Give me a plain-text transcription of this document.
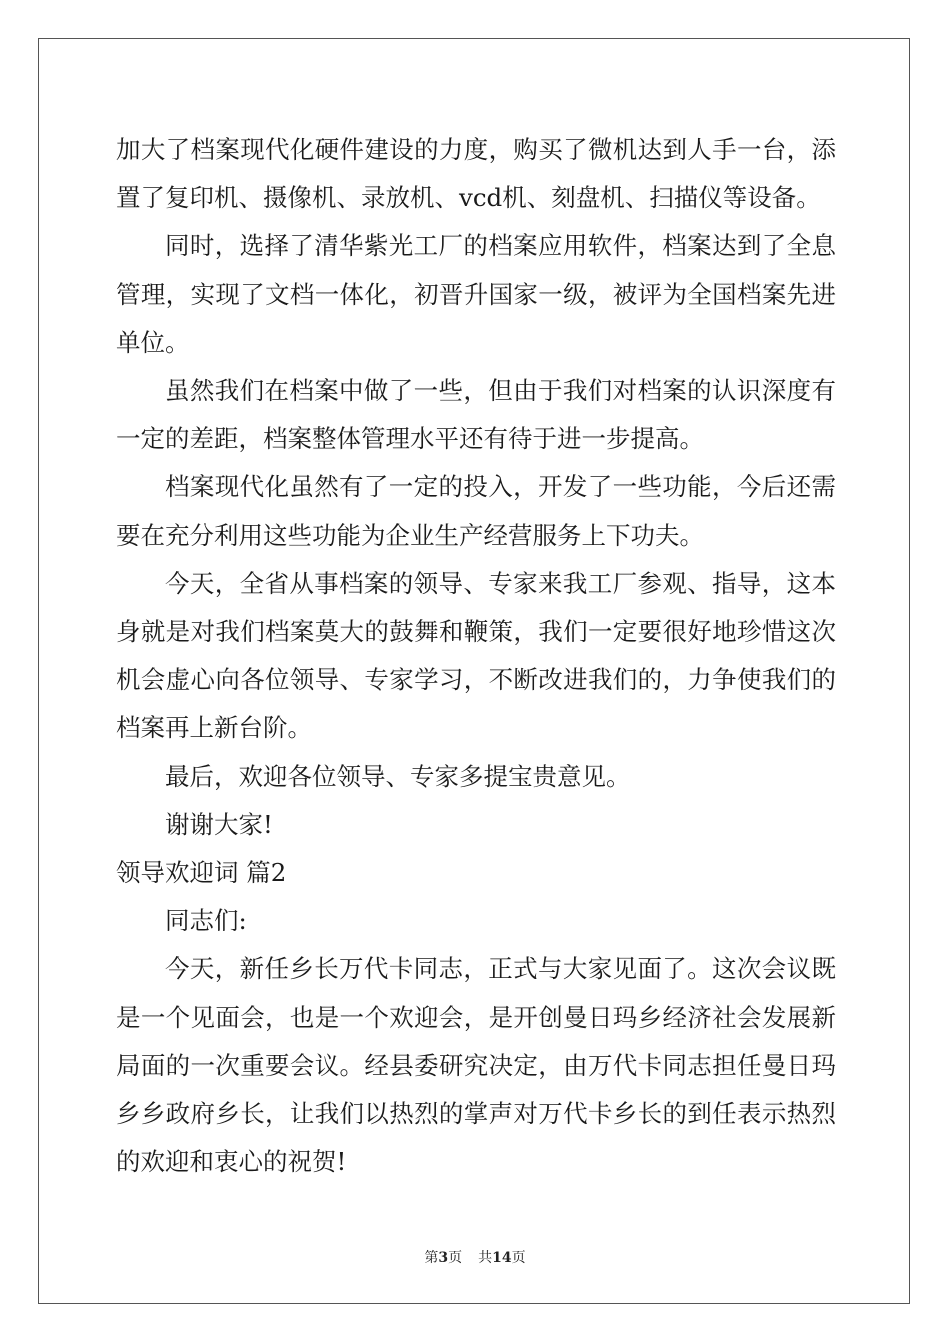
加大了档案现代化硬件建设的力度，购买了微机达到人手一台，添置了复印机、摄像机、录放机、vcd机、刻盘机、扫描仪等设备。

同时，选择了清华紫光工厂的档案应用软件，档案达到了全息管理，实现了文档一体化，初晋升国家一级，被评为全国档案先进单位。

虽然我们在档案中做了一些，但由于我们对档案的认识深度有一定的差距，档案整体管理水平还有待于进一步提高。

档案现代化虽然有了一定的投入，开发了一些功能，今后还需要在充分利用这些功能为企业生产经营服务上下功夫。

今天，全省从事档案的领导、专家来我工厂参观、指导，这本身就是对我们档案莫大的鼓舞和鞭策，我们一定要很好地珍惜这次机会虚心向各位领导、专家学习，不断改进我们的，力争使我们的档案再上新台阶。

最后，欢迎各位领导、专家多提宝贵意见。

谢谢大家!

领导欢迎词 篇2

同志们:

今天，新任乡长万代卡同志，正式与大家见面了。这次会议既是一个见面会，也是一个欢迎会，是开创曼日玛乡经济社会发展新局面的一次重要会议。经县委研究决定，由万代卡同志担任曼日玛乡乡政府乡长，让我们以热烈的掌声对万代卡乡长的到任表示热烈的欢迎和衷心的祝贺!

第3页 共14页
